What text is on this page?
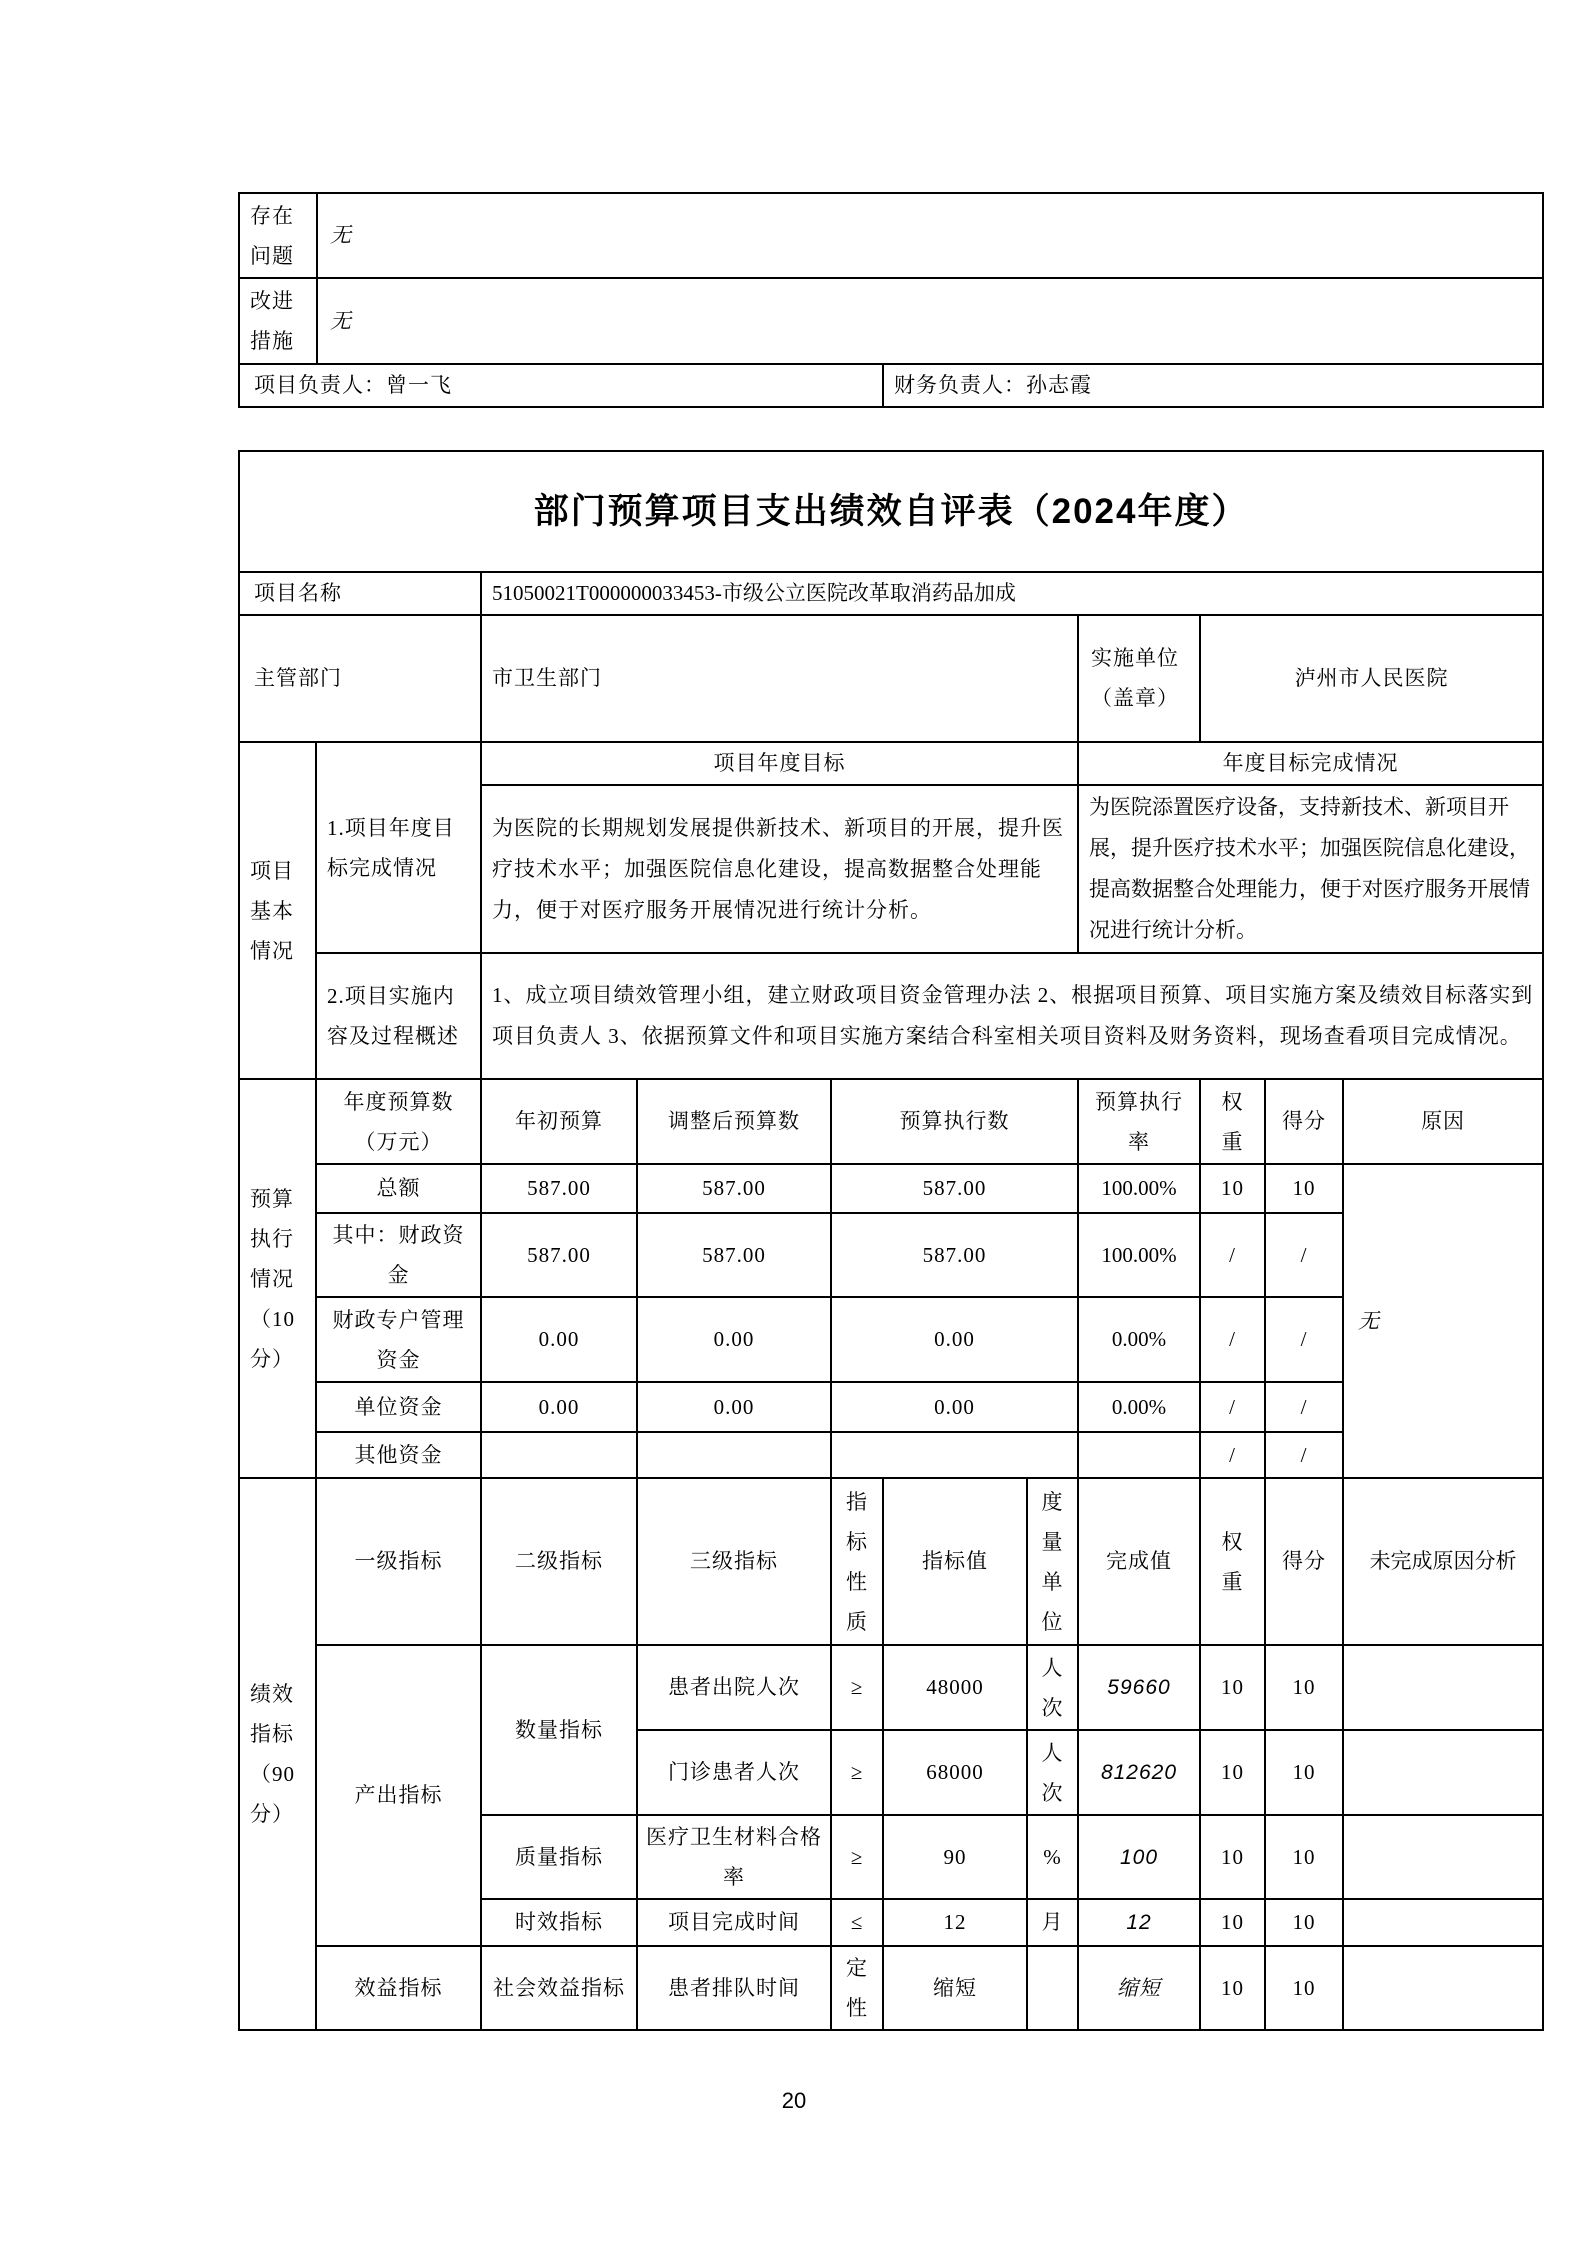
存在问题	无	
改进措施	无	
项目负责人：曾一飞		财务负责人：孙志霞
部门预算项目支出绩效自评表（2024年度）										
项目名称		51050021T000000033453-市级公立医院改革取消药品加成								
主管部门		市卫生部门					实施单位（盖章）	泸州市人民医院		
项目基本情况	1.项目年度目标完成情况	项目年度目标					年度目标完成情况			
		为医院的长期规划发展提供新技术、新项目的开展，提升医疗技术水平；加强医院信息化建设，提高数据整合处理能力，便于对医疗服务开展情况进行统计分析。					为医院添置医疗设备，支持新技术、新项目开展，提升医疗技术水平；加强医院信息化建设，提高数据整合处理能力，便于对医疗服务开展情况进行统计分析。			
	2.项目实施内容及过程概述	1、成立项目绩效管理小组，建立财政项目资金管理办法 2、根据项目预算、项目实施方案及绩效目标落实到项目负责人 3、依据预算文件和项目实施方案结合科室相关项目资料及财务资料，现场查看项目完成情况。								
预算执行情况（10分）	年度预算数（万元）	年初预算	调整后预算数	预算执行数			预算执行率	权重	得分	原因
	总额	587.00	587.00	587.00			100.00%	10	10	无
	其中：财政资金	587.00	587.00	587.00			100.00%	/	/	
	财政专户管理资金	0.00	0.00	0.00			0.00%	/	/	
	单位资金	0.00	0.00	0.00			0.00%	/	/	
	其他资金							/	/	
绩效指标（90分）	一级指标	二级指标	三级指标	指标性质	指标值	度量单位	完成值	权重	得分	未完成原因分析
	产出指标	数量指标	患者出院人次	≥	48000	人次	59660	10	10	
			门诊患者人次	≥	68000	人次	812620	10	10	
		质量指标	医疗卫生材料合格率	≥	90	%	100	10	10	
		时效指标	项目完成时间	≤	12	月	12	10	10	
	效益指标	社会效益指标	患者排队时间	定性	缩短		缩短	10	10	
20
